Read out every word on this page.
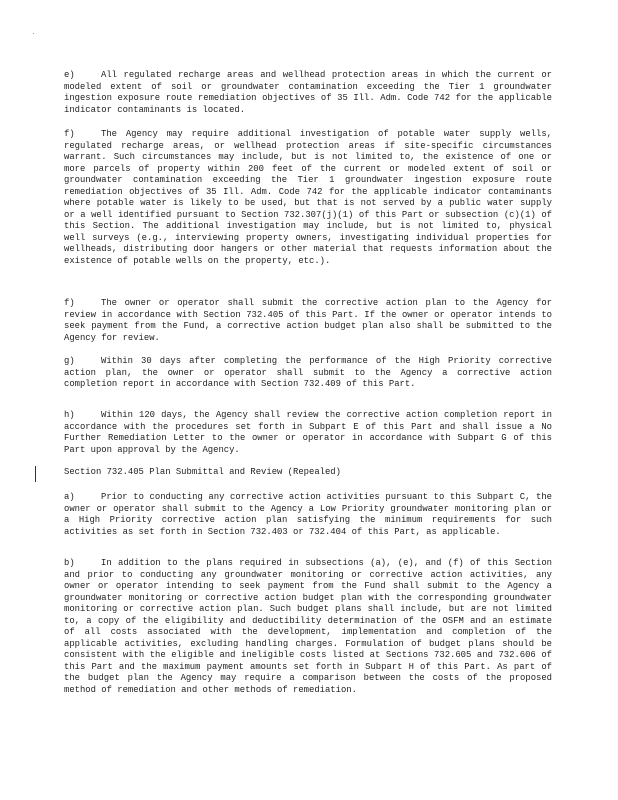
e)	All regulated recharge areas and wellhead protection areas in which the current or modeled extent of soil or groundwater contamination exceeding the Tier 1 groundwater ingestion exposure route remediation objectives of 35 Ill. Adm. Code 742 for the applicable indicator contaminants is located.

f)	The Agency may require additional investigation of potable water supply wells, regulated recharge areas, or wellhead protection areas if site-specific circumstances warrant. Such circumstances may include, but is not limited to, the existence of one or more parcels of property within 200 feet of the current or modeled extent of soil or groundwater contamination exceeding the Tier 1 groundwater ingestion exposure route remediation objectives of 35 Ill. Adm. Code 742 for the applicable indicator contaminants where potable water is likely to be used, but that is not served by a public water supply or a well identified pursuant to Section 732.307(j)(1) of this Part or subsection (c)(1) of this Section. The additional investigation may include, but is not limited to, physical well surveys (e.g., interviewing property owners, investigating individual properties for wellheads, distributing door hangers or other material that requests information about the existence of potable wells on the property, etc.).

f)	The owner or operator shall submit the corrective action plan to the Agency for review in accordance with Section 732.405 of this Part. If the owner or operator intends to seek payment from the Fund, a corrective action budget plan also shall be submitted to the Agency for review.

g)	Within 30 days after completing the performance of the High Priority corrective action plan, the owner or operator shall submit to the Agency a corrective action completion report in accordance with Section 732.409 of this Part.

h)	Within 120 days, the Agency shall review the corrective action completion report in accordance with the procedures set forth in Subpart E of this Part and shall issue a No Further Remediation Letter to the owner or operator in accordance with Subpart G of this Part upon approval by the Agency.

Section 732.405 Plan Submittal and Review (Repealed)

a)	Prior to conducting any corrective action activities pursuant to this Subpart C, the owner or operator shall submit to the Agency a Low Priority groundwater monitoring plan or a High Priority corrective action plan satisfying the minimum requirements for such activities as set forth in Section 732.403 or 732.404 of this Part, as applicable.

b)	In addition to the plans required in subsections (a), (e), and (f) of this Section and prior to conducting any groundwater monitoring or corrective action activities, any owner or operator intending to seek payment from the Fund shall submit to the Agency a groundwater monitoring or corrective action budget plan with the corresponding groundwater monitoring or corrective action plan. Such budget plans shall include, but are not limited to, a copy of the eligibility and deductibility determination of the OSFM and an estimate of all costs associated with the development, implementation and completion of the applicable activities, excluding handling charges. Formulation of budget plans should be consistent with the eligible and ineligible costs listed at Sections 732.605 and 732.606 of this Part and the maximum payment amounts set forth in Subpart H of this Part. As part of the budget plan the Agency may require a comparison between the costs of the proposed method of remediation and other methods of remediation.
